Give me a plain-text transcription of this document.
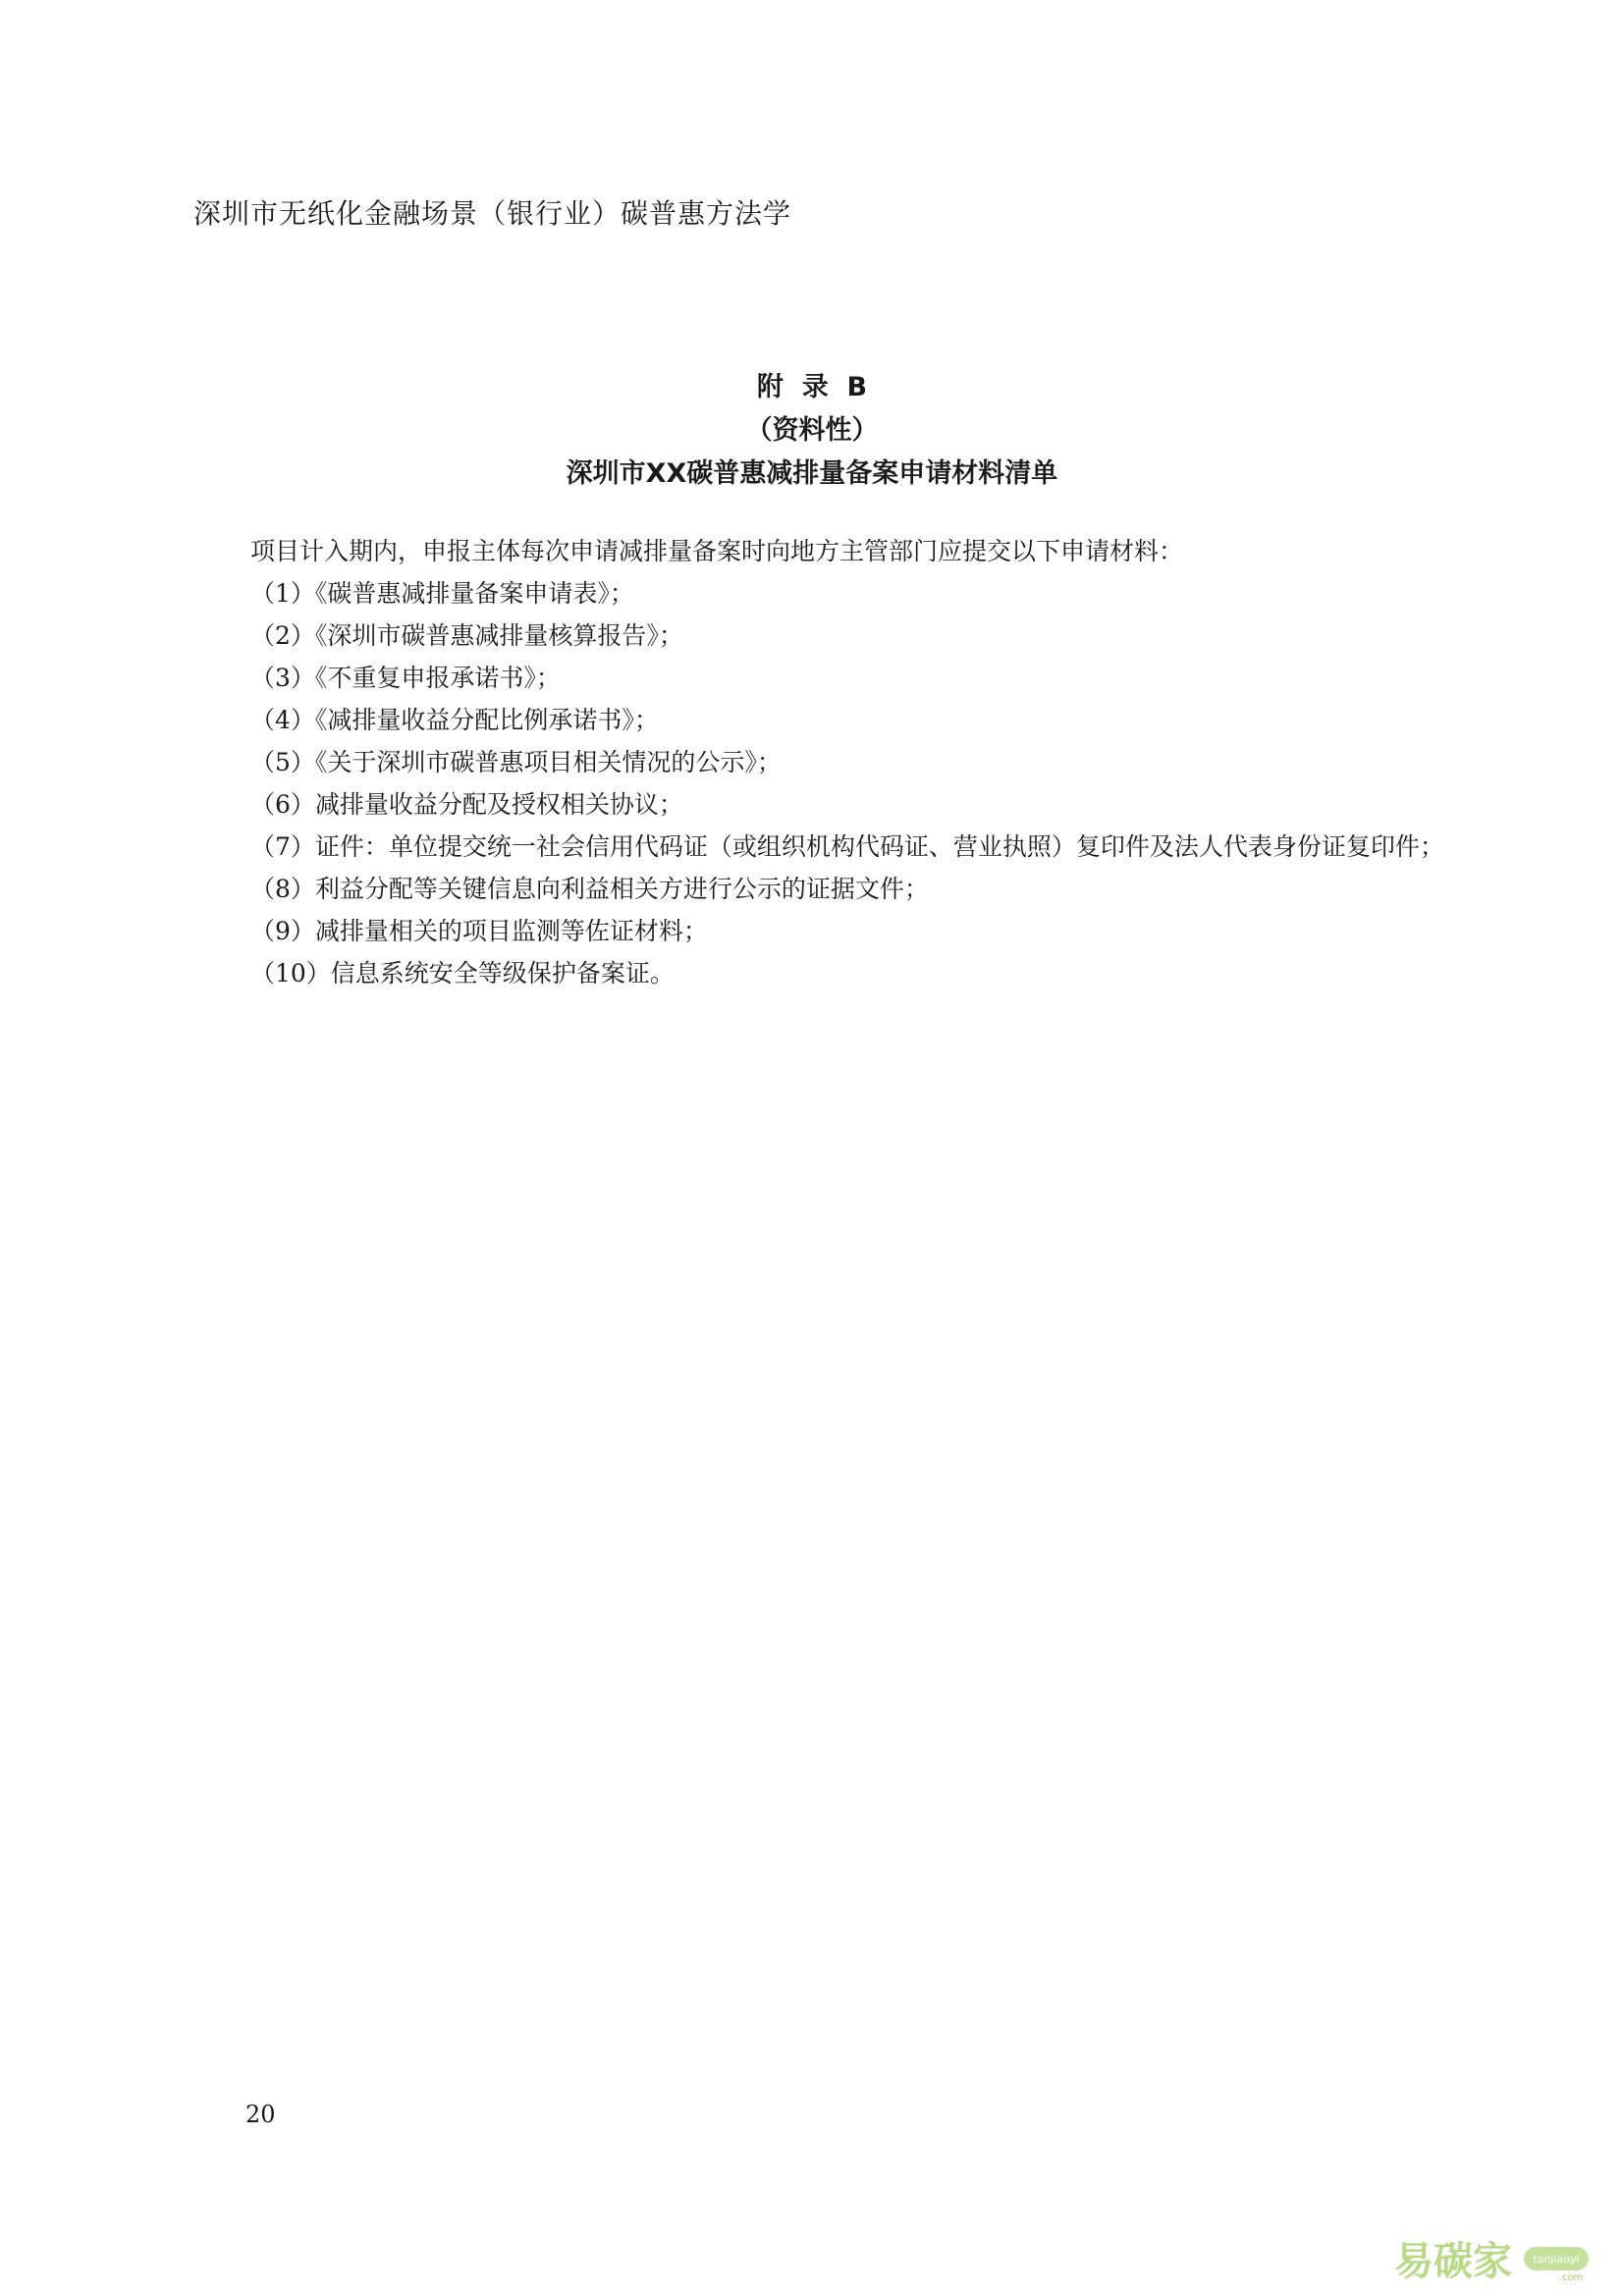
深圳市无纸化金融场景（银行业）碳普惠方法学
附  录  B
（资料性）
深圳市XX碳普惠减排量备案申请材料清单

项目计入期内，申报主体每次申请减排量备案时向地方主管部门应提交以下申请材料：

（1）《碳普惠减排量备案申请表》；

（2）《深圳市碳普惠减排量核算报告》；

（3）《不重复申报承诺书》；

（4）《减排量收益分配比例承诺书》；

（5）《关于深圳市碳普惠项目相关情况的公示》；

（6）减排量收益分配及授权相关协议；

（7）证件：单位提交统一社会信用代码证（或组织机构代码证、营业执照）复印件及法人代表身份证复印件；

（8）利益分配等关键信息向利益相关方进行公示的证据文件；

（9）减排量相关的项目监测等佐证材料；

（10）信息系统安全等级保护备案证。

20
易碳家 tanjiaoyi
.com
